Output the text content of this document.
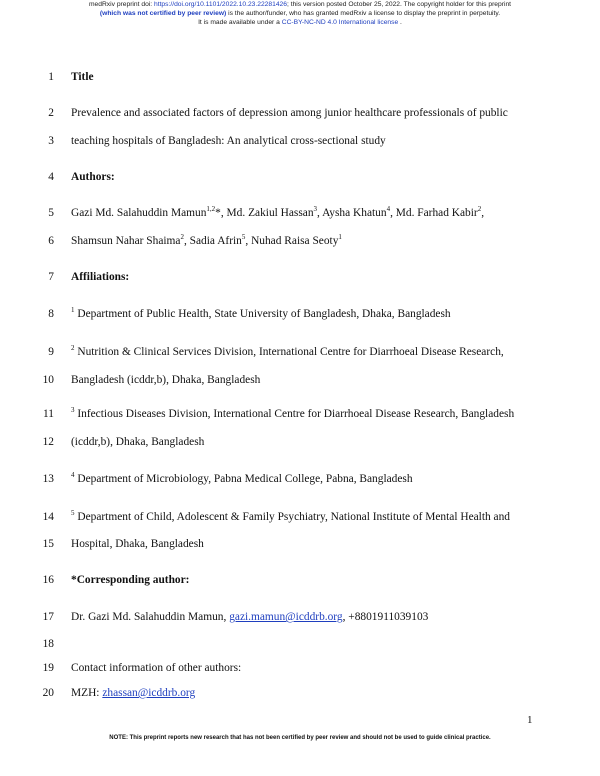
medRxiv preprint doi: https://doi.org/10.1101/2022.10.23.22281426; this version posted October 25, 2022. The copyright holder for this preprint
(which was not certified by peer review) is the author/funder, who has granted medRxiv a license to display the preprint in perpetuity.
It is made available under a CC-BY-NC-ND 4.0 International license .
1 Title
2 Prevalence and associated factors of depression among junior healthcare professionals of public
3 teaching hospitals of Bangladesh: An analytical cross-sectional study
4 Authors:
5 Gazi Md. Salahuddin Mamun$^{1,2}$*, Md. Zakiul Hassan$^3$, Aysha Khatun$^4$, Md. Farhad Kabir$^2$,
6 Shamsun Nahar Shaima$^2$, Sadia Afrin$^5$, Nuhad Raisa Seoty$^1$
7 Affiliations:
8 $^1$ Department of Public Health, State University of Bangladesh, Dhaka, Bangladesh
9 $^2$ Nutrition & Clinical Services Division, International Centre for Diarrhoeal Disease Research,
10 Bangladesh (icddr,b), Dhaka, Bangladesh
11 $^3$ Infectious Diseases Division, International Centre for Diarrhoeal Disease Research, Bangladesh
12 (icddr,b), Dhaka, Bangladesh
13 $^4$ Department of Microbiology, Pabna Medical College, Pabna, Bangladesh
14 $^5$ Department of Child, Adolescent & Family Psychiatry, National Institute of Mental Health and
15 Hospital, Dhaka, Bangladesh
16 *Corresponding author:
17 Dr. Gazi Md. Salahuddin Mamun, gazi.mamun@icddrb.org, +8801911039103
18
19 Contact information of other authors:
20 MZH: zhassan@icddrb.org
1
NOTE: This preprint reports new research that has not been certified by peer review and should not be used to guide clinical practice.
